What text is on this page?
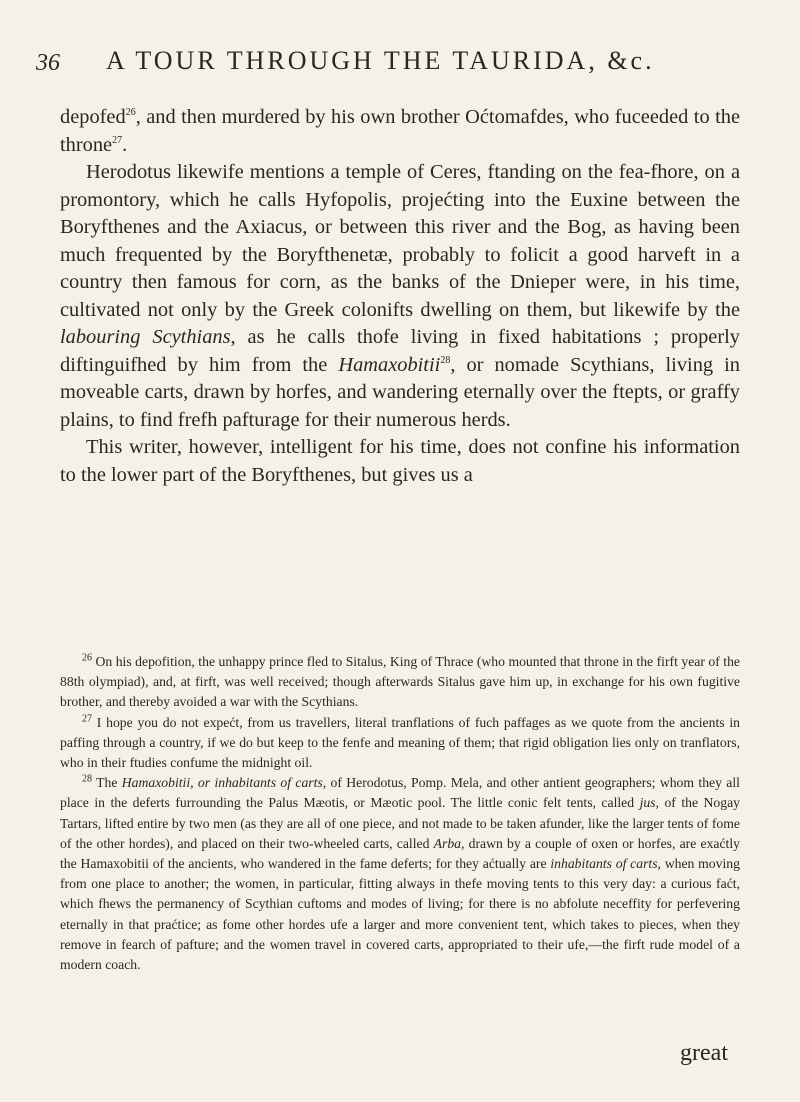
36 A TOUR THROUGH THE TAURIDA, &c.

depofed$^{26}$, and then murdered by his own brother Oćtomafdes, who fuceeded to the throne$^{27}$.

Herodotus likewife mentions a temple of Ceres, ftanding on the fea-fhore, on a promontory, which he calls Hyfopolis, projećting into the Euxine between the Boryfthenes and the Axiacus, or between this river and the Bog, as having been much frequented by the Boryfthenetæ, probably to folicit a good harveft in a country then famous for corn, as the banks of the Dnieper were, in his time, cultivated not only by the Greek colonifts dwelling on them, but likewife by the labouring Scythians, as he calls thofe living in fixed habitations ; properly diftinguifhed by him from the Hamaxobitii$^{28}$, or nomade Scythians, living in moveable carts, drawn by horfes, and wandering eternally over the ftepts, or graffy plains, to find frefh pafturage for their numerous herds.

This writer, however, intelligent for his time, does not confine his information to the lower part of the Boryfthenes, but gives us a

$^{26}$ On his depofition, the unhappy prince fled to Sitalus, King of Thrace (who mounted that throne in the firft year of the 88th olympiad), and, at firft, was well received; though afterwards Sitalus gave him up, in exchange for his own fugitive brother, and thereby avoided a war with the Scythians.

$^{27}$ I hope you do not expećt, from us travellers, literal tranflations of fuch paffages as we quote from the ancients in paffing through a country, if we do but keep to the fenfe and meaning of them; that rigid obligation lies only on tranflators, who in their ftudies confume the midnight oil.

$^{28}$ The Hamaxobitii, or inhabitants of carts, of Herodotus, Pomp. Mela, and other antient geographers; whom they all place in the deferts furrounding the Palus Mæotis, or Mæotic pool. The little conic felt tents, called jus, of the Nogay Tartars, lifted entire by two men (as they are all of one piece, and not made to be taken afunder, like the larger tents of fome of the other hordes), and placed on their two-wheeled carts, called Arba, drawn by a couple of oxen or horfes, are exaćtly the Hamaxobitii of the ancients, who wandered in the fame deferts; for they aćtually are inhabitants of carts, when moving from one place to another; the women, in particular, fitting always in thefe moving tents to this very day: a curious faćt, which fhews the permanency of Scythian cuftoms and modes of living; for there is no abfolute neceffity for perfevering eternally in that praćtice; as fome other hordes ufe a larger and more convenient tent, which takes to pieces, when they remove in fearch of pafture; and the women travel in covered carts, appropriated to their ufe,—the firft rude model of a modern coach.

great
